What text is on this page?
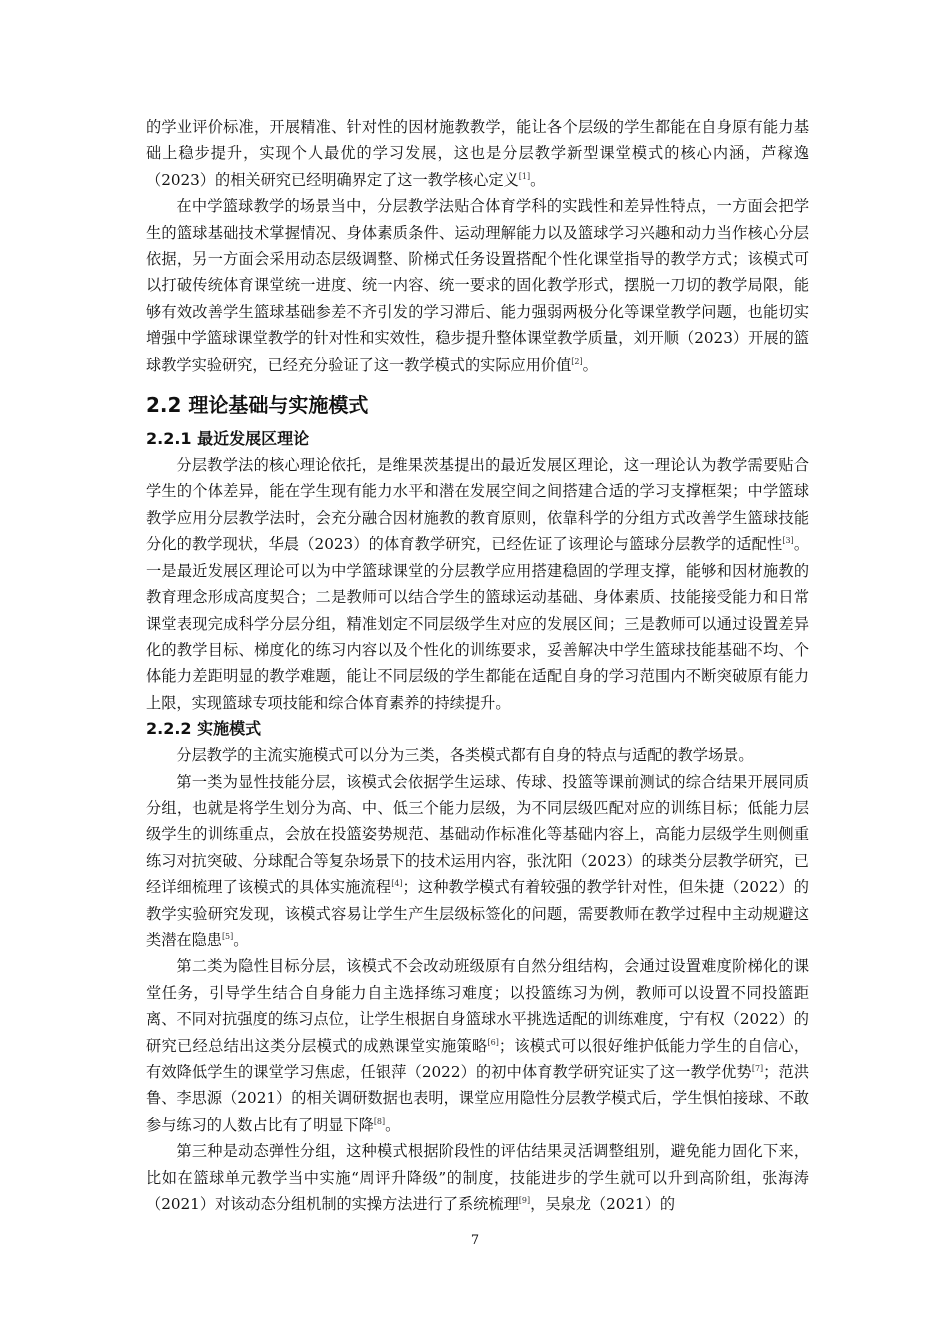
的学业评价标准，开展精准、针对性的因材施教教学，能让各个层级的学生都能在自身原有能力基础上稳步提升，实现个人最优的学习发展，这也是分层教学新型课堂模式的核心内涵，芦稼逸（2023）的相关研究已经明确界定了这一教学核心定义[1]。

在中学篮球教学的场景当中，分层教学法贴合体育学科的实践性和差异性特点，一方面会把学生的篮球基础技术掌握情况、身体素质条件、运动理解能力以及篮球学习兴趣和动力当作核心分层依据，另一方面会采用动态层级调整、阶梯式任务设置搭配个性化课堂指导的教学方式；该模式可以打破传统体育课堂统一进度、统一内容、统一要求的固化教学形式，摆脱一刀切的教学局限，能够有效改善学生篮球基础参差不齐引发的学习滞后、能力强弱两极分化等课堂教学问题，也能切实增强中学篮球课堂教学的针对性和实效性，稳步提升整体课堂教学质量，刘开顺（2023）开展的篮球教学实验研究，已经充分验证了这一教学模式的实际应用价值[2]。

2.2 理论基础与实施模式
2.2.1 最近发展区理论

分层教学法的核心理论依托，是维果茨基提出的最近发展区理论，这一理论认为教学需要贴合学生的个体差异，能在学生现有能力水平和潜在发展空间之间搭建合适的学习支撑框架；中学篮球教学应用分层教学法时，会充分融合因材施教的教育原则，依靠科学的分组方式改善学生篮球技能分化的教学现状，华晨（2023）的体育教学研究，已经佐证了该理论与篮球分层教学的适配性[3]。一是最近发展区理论可以为中学篮球课堂的分层教学应用搭建稳固的学理支撑，能够和因材施教的教育理念形成高度契合；二是教师可以结合学生的篮球运动基础、身体素质、技能接受能力和日常课堂表现完成科学分层分组，精准划定不同层级学生对应的发展区间；三是教师可以通过设置差异化的教学目标、梯度化的练习内容以及个性化的训练要求，妥善解决中学生篮球技能基础不均、个体能力差距明显的教学难题，能让不同层级的学生都能在适配自身的学习范围内不断突破原有能力上限，实现篮球专项技能和综合体育素养的持续提升。

2.2.2 实施模式

分层教学的主流实施模式可以分为三类，各类模式都有自身的特点与适配的教学场景。

第一类为显性技能分层，该模式会依据学生运球、传球、投篮等课前测试的综合结果开展同质分组，也就是将学生划分为高、中、低三个能力层级，为不同层级匹配对应的训练目标；低能力层级学生的训练重点，会放在投篮姿势规范、基础动作标准化等基础内容上，高能力层级学生则侧重练习对抗突破、分球配合等复杂场景下的技术运用内容，张沈阳（2023）的球类分层教学研究，已经详细梳理了该模式的具体实施流程[4]；这种教学模式有着较强的教学针对性，但朱捷（2022）的教学实验研究发现，该模式容易让学生产生层级标签化的问题，需要教师在教学过程中主动规避这类潜在隐患[5]。

第二类为隐性目标分层，该模式不会改动班级原有自然分组结构，会通过设置难度阶梯化的课堂任务，引导学生结合自身能力自主选择练习难度；以投篮练习为例，教师可以设置不同投篮距离、不同对抗强度的练习点位，让学生根据自身篮球水平挑选适配的训练难度，宁有权（2022）的研究已经总结出这类分层模式的成熟课堂实施策略[6]；该模式可以很好维护低能力学生的自信心，有效降低学生的课堂学习焦虑，任银萍（2022）的初中体育教学研究证实了这一教学优势[7]；范洪鲁、李思源（2021）的相关调研数据也表明，课堂应用隐性分层教学模式后，学生惧怕接球、不敢参与练习的人数占比有了明显下降[8]。

第三种是动态弹性分组，这种模式根据阶段性的评估结果灵活调整组别，避免能力固化下来，比如在篮球单元教学当中实施“周评升降级”的制度，技能进步的学生就可以升到高阶组，张海涛（2021）对该动态分组机制的实操方法进行了系统梳理[9]，吴泉龙（2021）的

7
